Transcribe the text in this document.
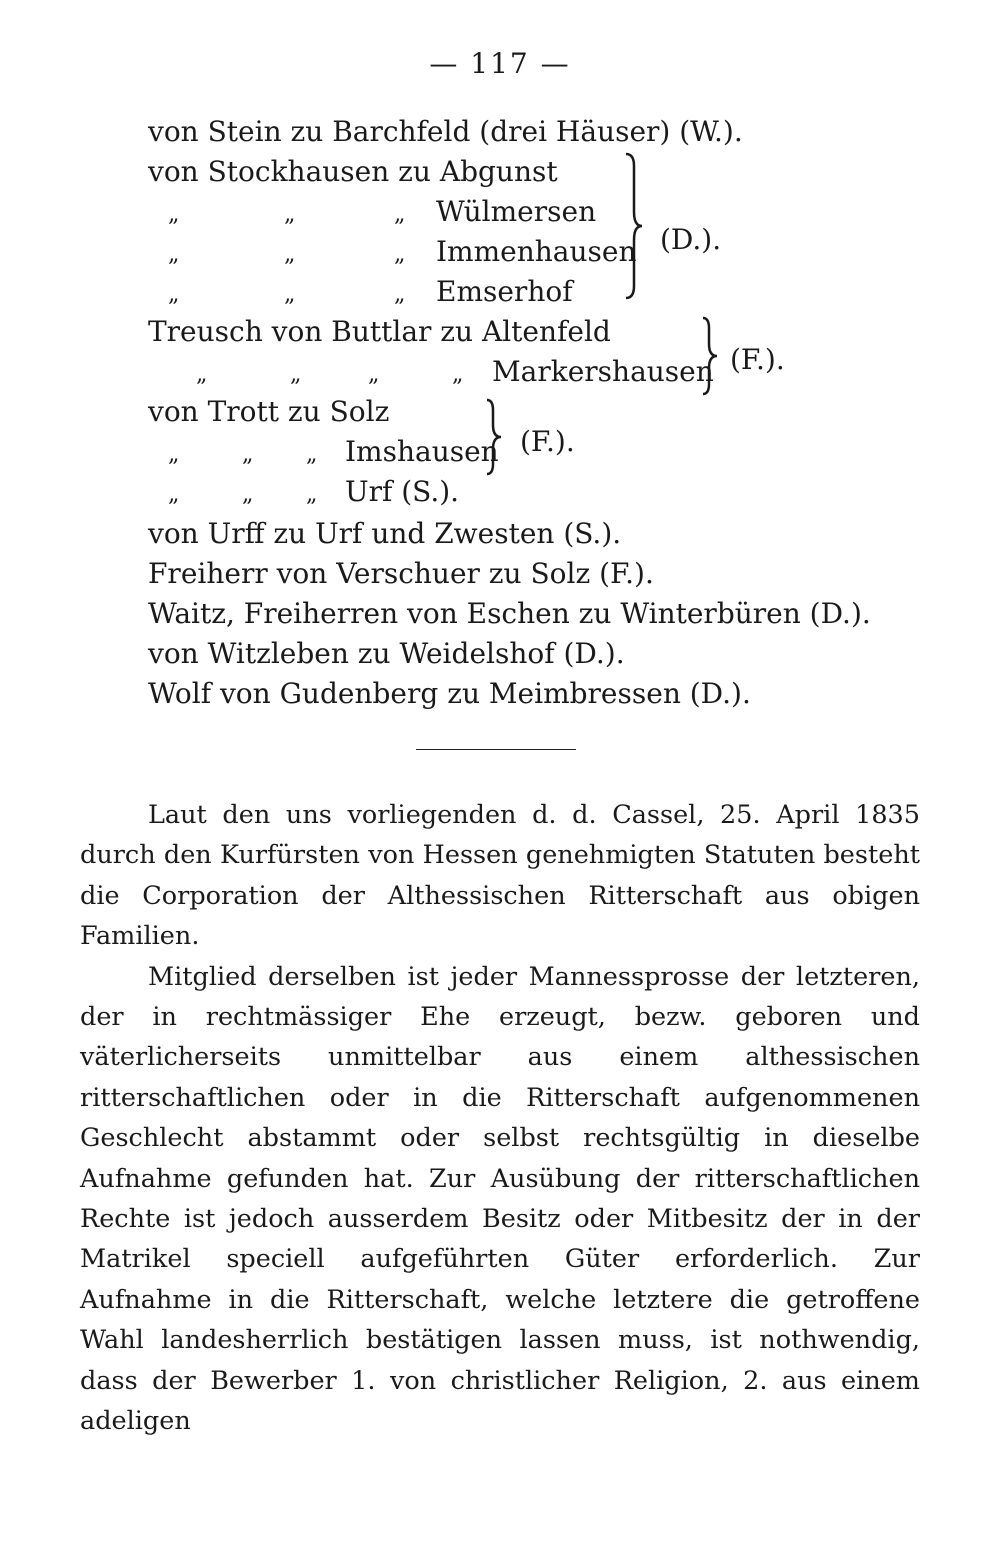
— 117 —
von Stein zu Barchfeld (drei Häuser) (W.).
von Stockhausen zu Abgunst
„	„	„ Wülmersen
„	„	„ Immenhausen
„	„	„ Emserhof
(D.).
Treusch von Buttlar zu Altenfeld
„	„	„	„ Markershausen (F.).
von Trott zu Solz
„	„ „ Imshausen (F.).
„	„ „ Urf (S.).
von Urff zu Urf und Zwesten (S.).
Freiherr von Verschuer zu Solz (F.).
Waitz, Freiherren von Eschen zu Winterbüren (D.).
von Witzleben zu Weidelshof (D.).
Wolf von Gudenberg zu Meimbressen (D.).

Laut den uns vorliegenden d. d. Cassel, 25. April 1835 durch den Kurfürsten von Hessen genehmigten Statuten besteht die Corporation der Althessischen Ritterschaft aus obigen Familien.

Mitglied derselben ist jeder Mannessprosse der letzteren, der in rechtmässiger Ehe erzeugt, bezw. geboren und väterlicherseits unmittelbar aus einem althessischen ritterschaftlichen oder in die Ritterschaft aufgenommenen Geschlecht abstammt oder selbst rechtsgültig in dieselbe Aufnahme gefunden hat. Zur Ausübung der ritterschaftlichen Rechte ist jedoch ausserdem Besitz oder Mitbesitz der in der Matrikel speciell aufgeführten Güter erforderlich. Zur Aufnahme in die Ritterschaft, welche letztere die getroffene Wahl landesherrlich bestätigen lassen muss, ist nothwendig, dass der Bewerber 1. von christlicher Religion, 2. aus einem adeligen
